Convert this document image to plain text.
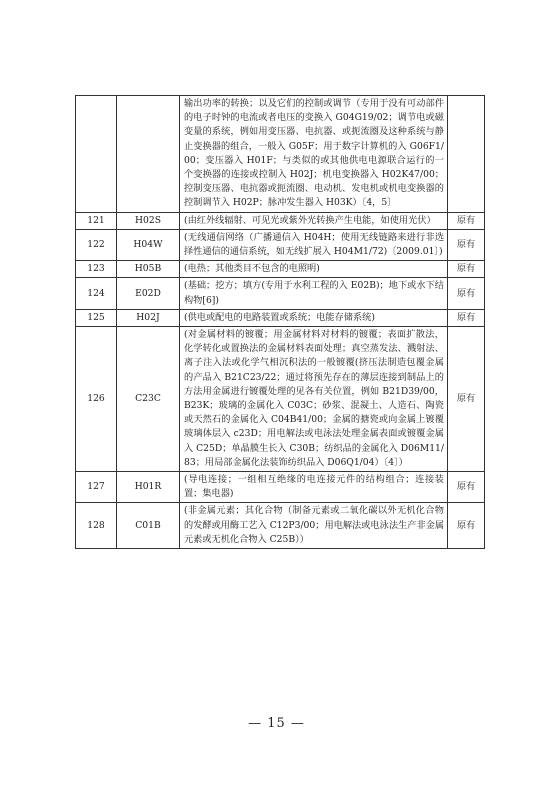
		输出功率的转换；以及它们的控制或调节（专用于没有可动部件的电子时钟的电流或者电压的变换入 G04G19/02；调节电或磁变量的系统，例如用变压器、电抗器、或扼流圈及这种系统与静止变换器的组合，一般入 G05F；用于数字计算机的入 G06F1/00；变压器入 H01F；与类似的或其他供电电源联合运行的一个变换器的连接或控制入 H02J；机电变换器入 H02K47/00；控制变压器、电抗器或扼流圈、电动机、发电机或机电变换器的控制调节入 H02P；脉冲发生器入 H03K）〔4，5〕	
121	H02S	(由红外线辐射、可见光或紫外光转换产生电能，如使用光伏）	原有
122	H04W	(无线通信网络（广播通信入 H04H；使用无线链路来进行非选择性通信的通信系统，如无线扩展入 H04M1/72)〔2009.01〕)	原有
123	H05B	(电热；其他类目不包含的电照明)	原有
124	E02D	(基础；挖方；填方(专用于水利工程的入 E02B)；地下或水下结构物[6])	原有
125	H02J	(供电或配电的电路装置或系统；电能存储系统)	原有
126	C23C	(对金属材料的镀覆；用金属材料对材料的镀覆；表面扩散法，化学转化或置换法的金属材料表面处理；真空蒸发法、溅射法、离子注入法或化学气相沉积法的一般镀覆(挤压法制造包覆金属的产品入 B21C23/22；通过将预先存在的薄层连接到制品上的方法用金属进行镀覆处理的见各有关位置，例如 B21D39/00，B23K；玻璃的金属化入 C03C；砂浆、混凝土、人造石、陶瓷或天然石的金属化入 C04B41/00；金属的搪瓷或向金属上镀覆玻璃体层入 c23D；用电解法或电泳法处理金属表面或镀覆金属入 C25D；单晶膜生长入 C30B；纺织品的金属化入 D06M11/83；用局部金属化法装饰纺织品入 D06Q1/04）〔4〕）	原有
127	H01R	(导电连接；一组相互绝缘的电连接元件的结构组合；连接装置；集电器)	原有
128	C01B	(非金属元素；其化合物（制备元素或二氧化碳以外无机化合物的发酵或用酶工艺入 C12P3/00；用电解法或电泳法生产非金属元素或无机化合物入 C25B））	原有
— 15 —
